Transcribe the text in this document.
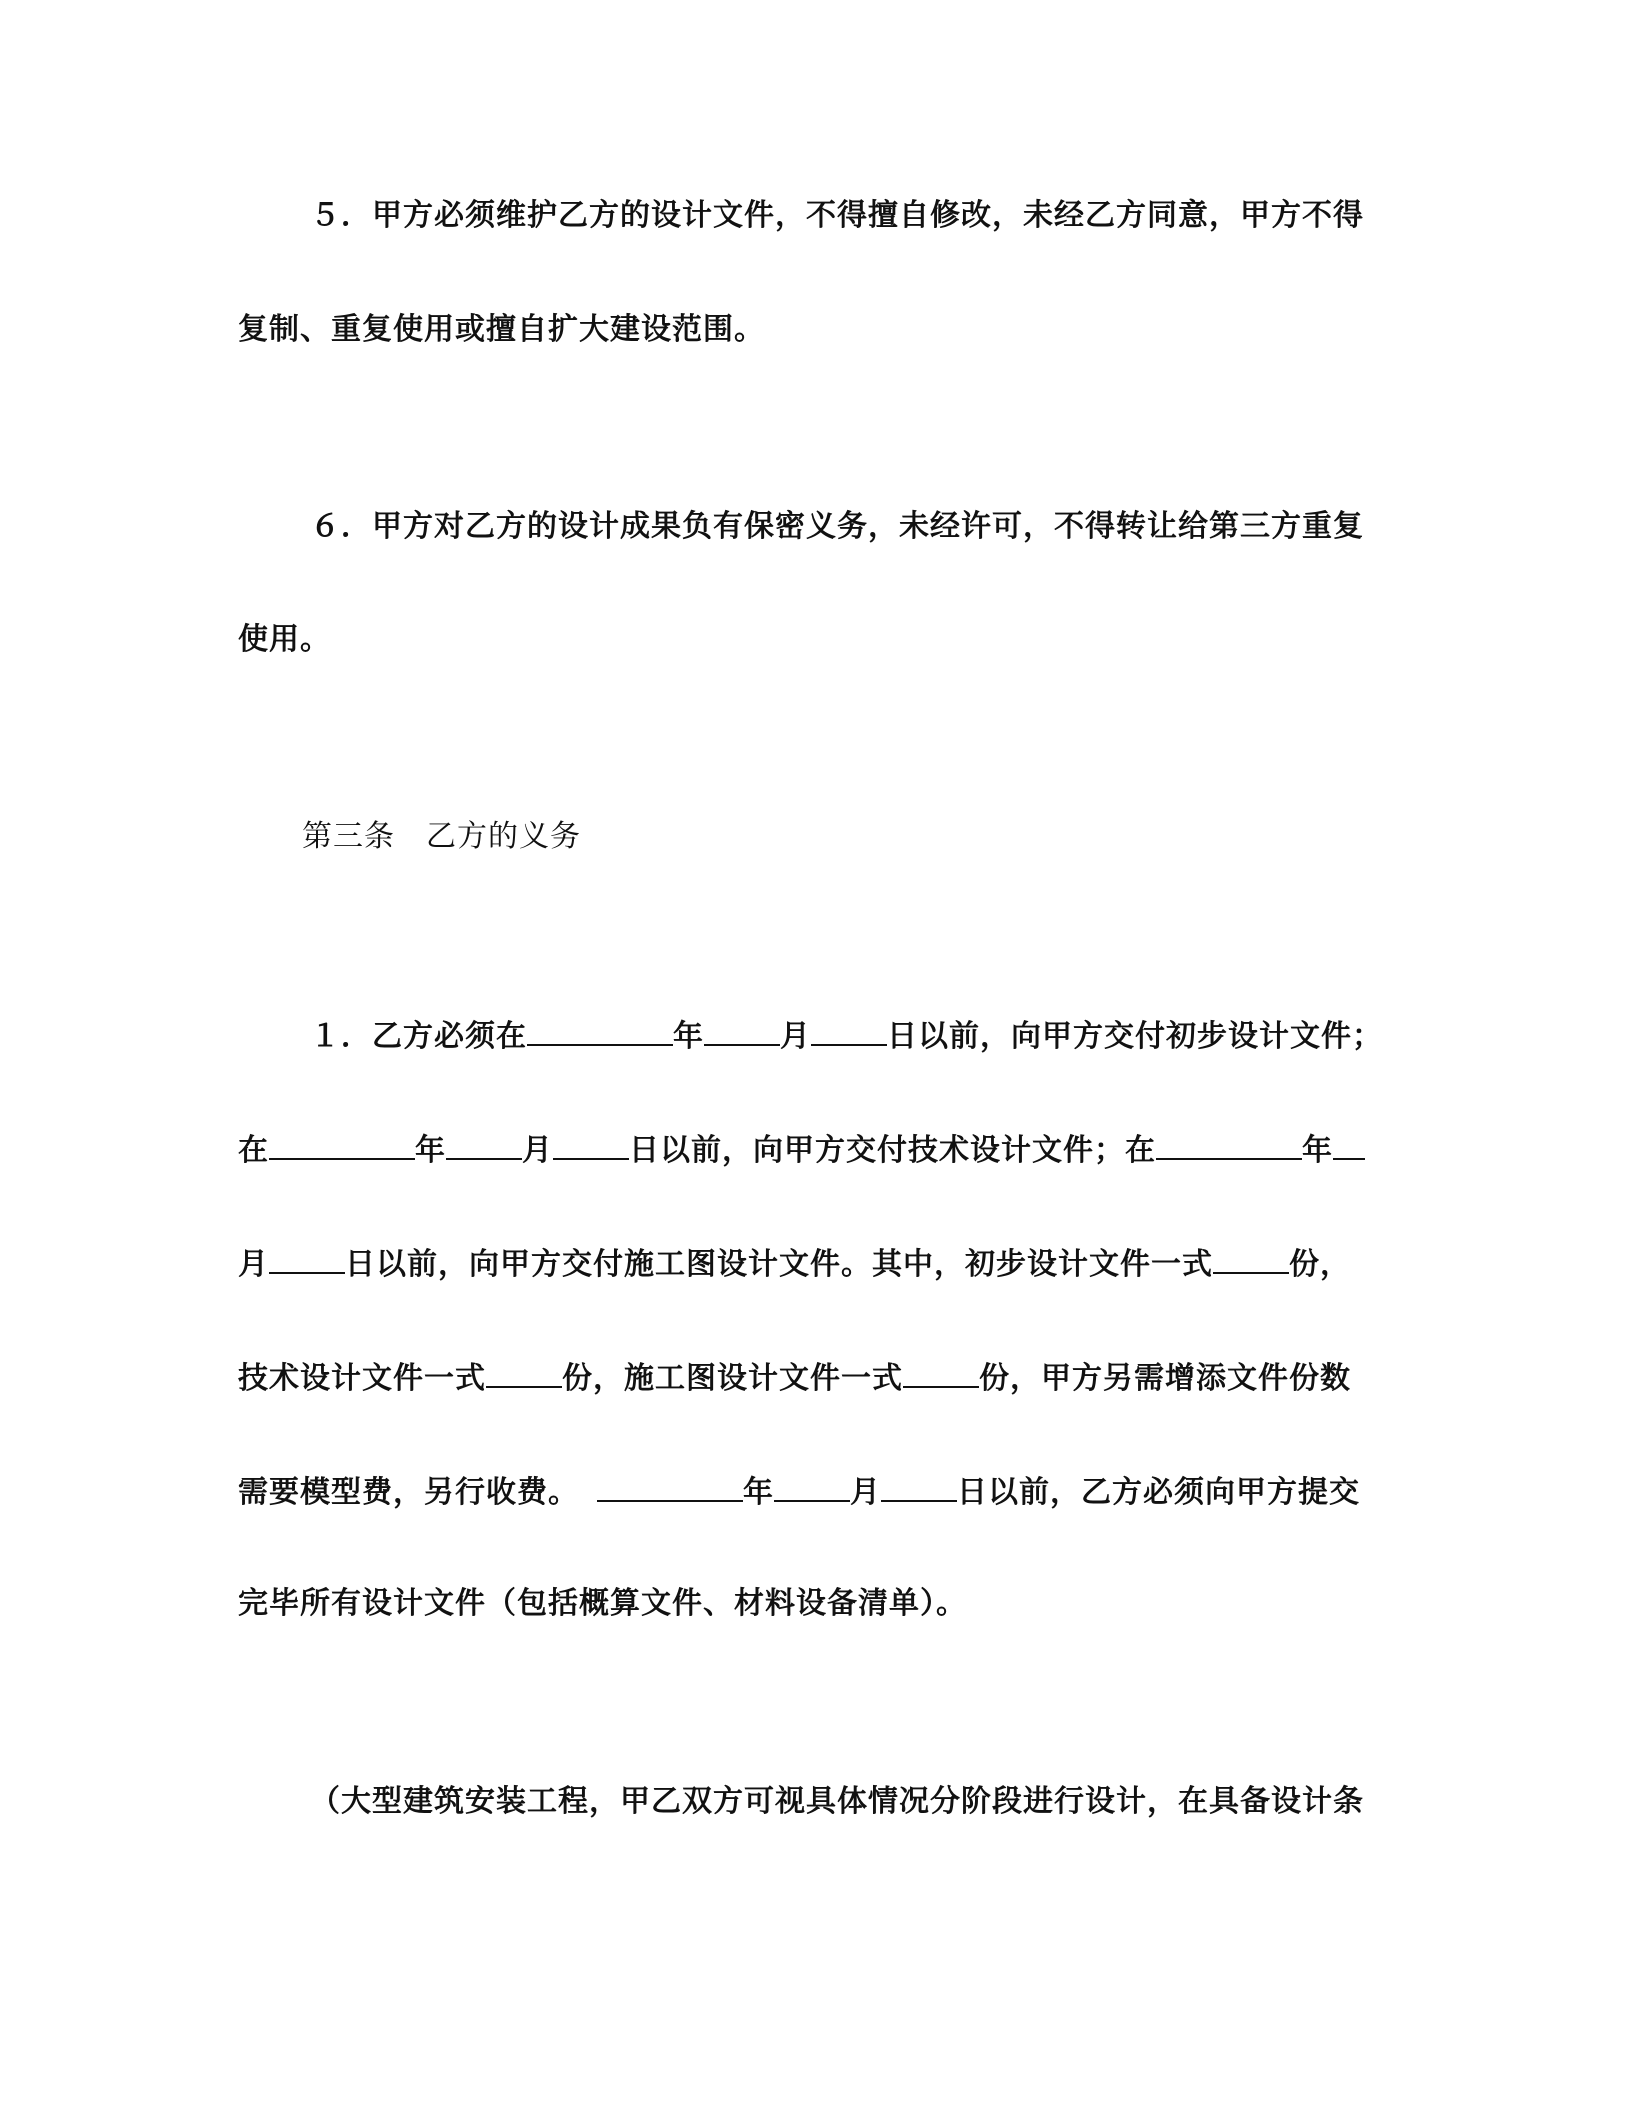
５．甲方必须维护乙方的设计文件，不得擅自修改，未经乙方同意，甲方不得
复制、重复使用或擅自扩大建设范围。
６．甲方对乙方的设计成果负有保密义务，未经许可，不得转让给第三方重复
使用。
第三条　乙方的义务
１．乙方必须在	年	月	日以前，向甲方交付初步设计文件；
在	年	月	日以前，向甲方交付技术设计文件；在	年
月	日以前，向甲方交付施工图设计文件。其中，初步设计文件一式	份，
技术设计文件一式	份，施工图设计文件一式	份，甲方另需增添文件份数
需要模型费，另行收费。	年	月	日以前，乙方必须向甲方提交
完毕所有设计文件（包括概算文件、材料设备清单）。
（大型建筑安装工程，甲乙双方可视具体情况分阶段进行设计，在具备设计条
